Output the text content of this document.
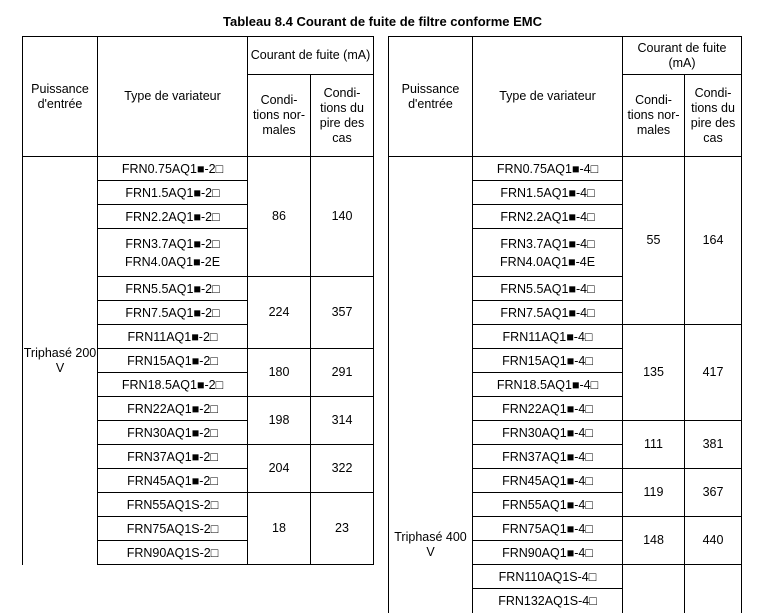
Tableau 8.4 Courant de fuite de filtre conforme EMC
Puissance d'entrée	Type de variateur	Courant de fuite (mA)	
		Condi- tions nor- males	Condi- tions du pire des cas
Triphasé 200 V	FRN0.75AQ1■-2□	86	140

	FRN1.5AQ1■-2□		

	FRN2.2AQ1■-2□		

	FRN3.7AQ1■-2□
FRN4.0AQ1■-2E		

	FRN5.5AQ1■-2□	224	357

	FRN7.5AQ1■-2□		

	FRN11AQ1■-2□		

	FRN15AQ1■-2□	180	291

	FRN18.5AQ1■-2□		

	FRN22AQ1■-2□	198	314

	FRN30AQ1■-2□		

	FRN37AQ1■-2□	204	322

	FRN45AQ1■-2□		

	FRN55AQ1S-2□	18	23

	FRN75AQ1S-2□		

	FRN90AQ1S-2□		
Puissance d'entrée	Type de variateur	Courant de fuite (mA)	
		Condi- tions nor- males	Condi- tions du pire des cas

Triphasé 400 V	FRN0.75AQ1■-4□	55	164

	FRN1.5AQ1■-4□		

	FRN2.2AQ1■-4□		

	FRN3.7AQ1■-4□
FRN4.0AQ1■-4E		

	FRN5.5AQ1■-4□		

	FRN7.5AQ1■-4□		

	FRN11AQ1■-4□	135	417

	FRN15AQ1■-4□		

	FRN18.5AQ1■-4□		

	FRN22AQ1■-4□		

	FRN30AQ1■-4□	111	381

	FRN37AQ1■-4□		

	FRN45AQ1■-4□	119	367

	FRN55AQ1■-4□		

	FRN75AQ1■-4□	148	440

	FRN90AQ1■-4□		

	FRN110AQ1S-4□		

	FRN132AQ1S-4□		
